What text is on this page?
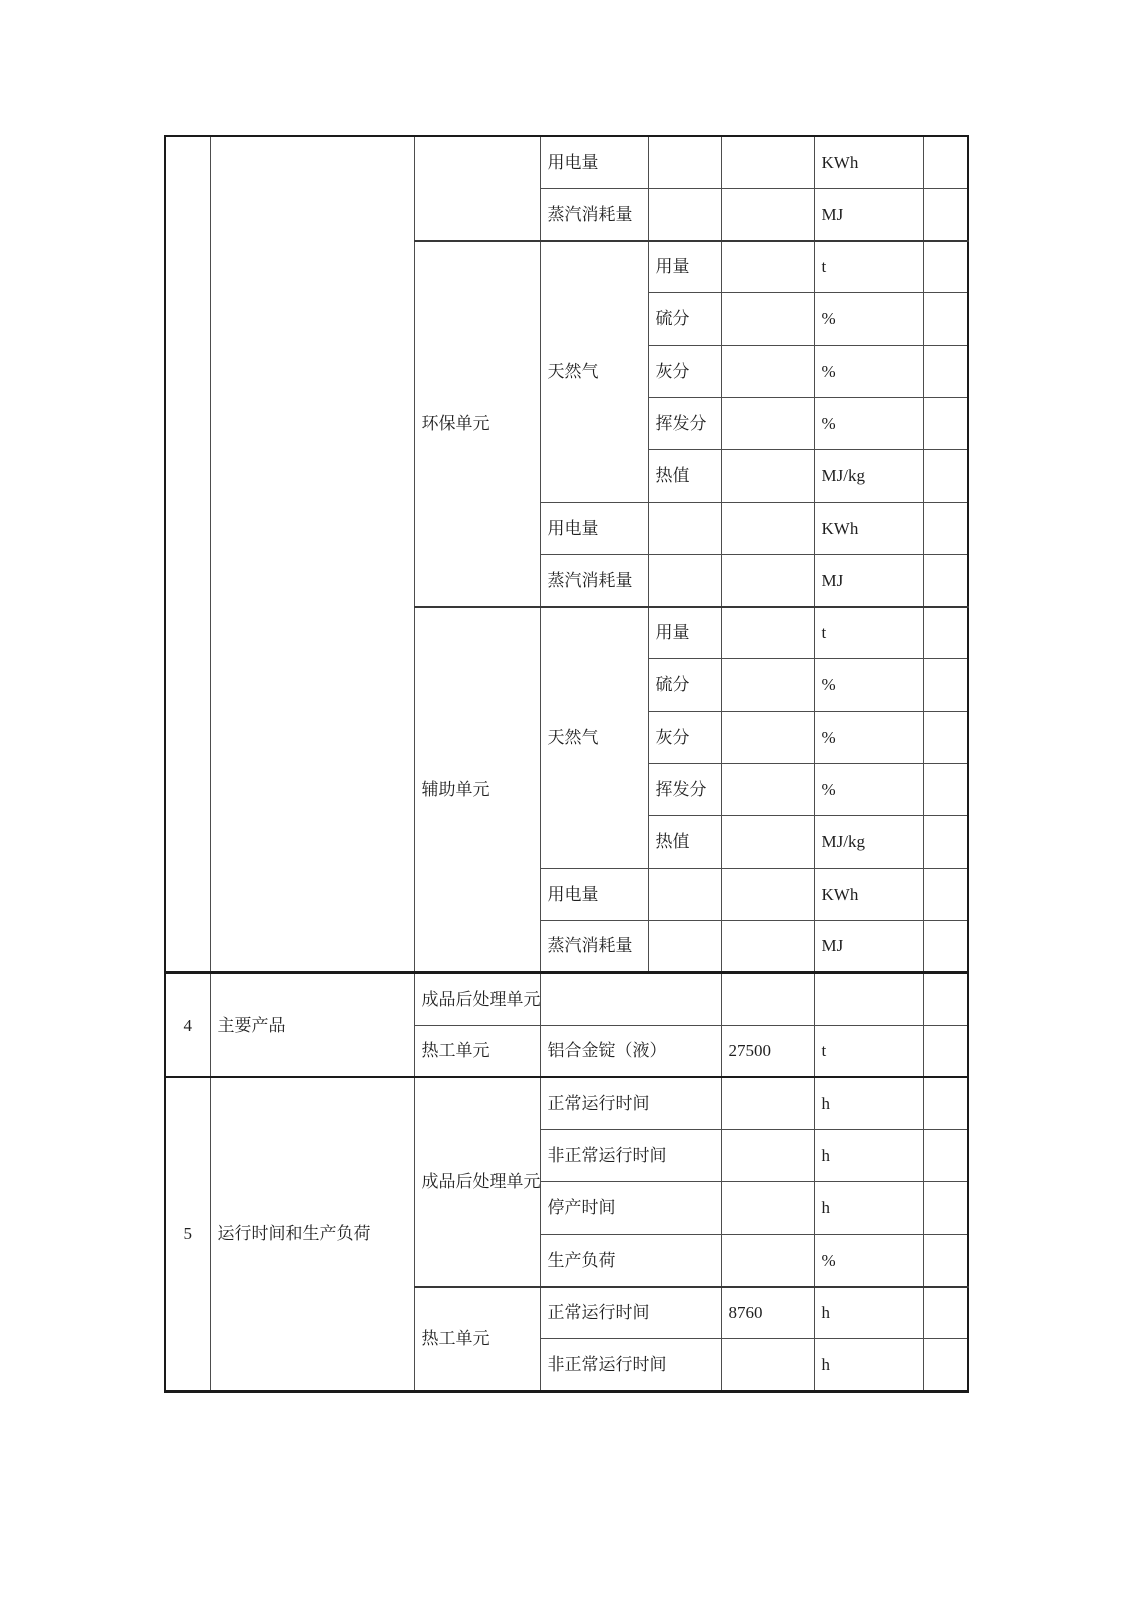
			用电量			KWh	
			蒸汽消耗量			MJ	
		环保单元	天然气	用量		t	
				硫分		%	
				灰分		%	
				挥发分		%	
				热值		MJ/kg	
			用电量			KWh	
			蒸汽消耗量			MJ	
		辅助单元	天然气	用量		t	
				硫分		%	
				灰分		%	
				挥发分		%	
				热值		MJ/kg	
			用电量			KWh	
			蒸汽消耗量			MJ	
4	主要产品	成品后处理单元					
		热工单元	铝合金锭（液）		27500	t	
5	运行时间和生产负荷	成品后处理单元	正常运行时间			h	
			非正常运行时间			h	
			停产时间			h	
			生产负荷			%	
		热工单元	正常运行时间		8760	h	
			非正常运行时间			h	
